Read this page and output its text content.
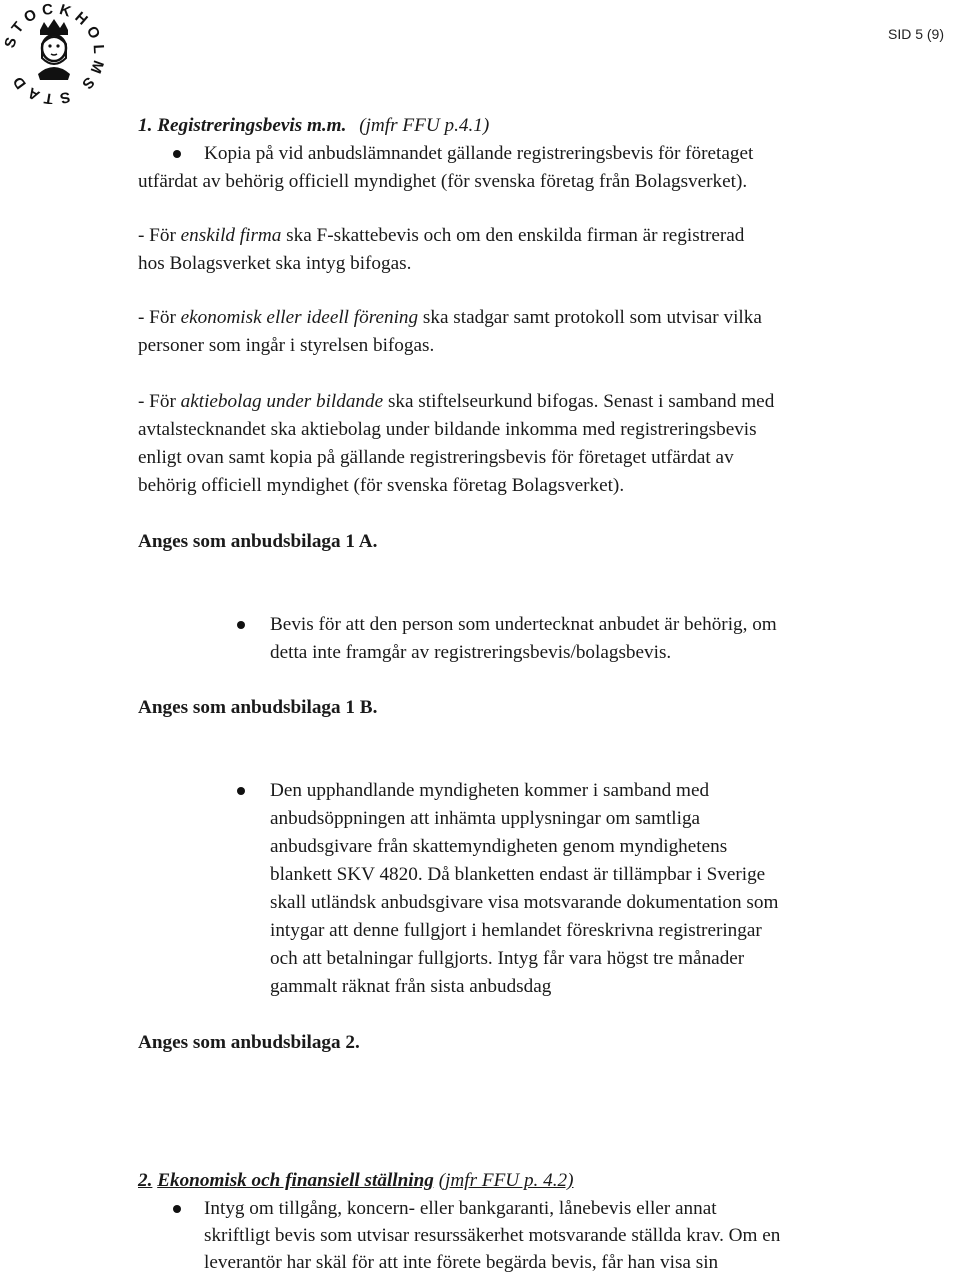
STOCKHOLMS STAD
SID 5 (9)
1. Registreringsbevis m.m. (jmfr FFU p.4.1)
Kopia på vid anbudslämnandet gällande registreringsbevis för företaget
utfärdat av behörig officiell myndighet (för svenska företag från Bolagsverket).
- För enskild firma ska F-skattebevis och om den enskilda firman är registrerad
hos Bolagsverket ska intyg bifogas.
- För ekonomisk eller ideell förening ska stadgar samt protokoll som utvisar vilka
personer som ingår i styrelsen bifogas.
- För aktiebolag under bildande ska stiftelseurkund bifogas. Senast i samband med
avtalstecknandet ska aktiebolag under bildande inkomma med registreringsbevis
enligt ovan samt kopia på gällande registreringsbevis för företaget utfärdat av
behörig officiell myndighet (för svenska företag Bolagsverket).
Anges som anbudsbilaga 1 A.
Bevis för att den person som undertecknat anbudet är behörig, om
detta inte framgår av registreringsbevis/bolagsbevis.
Anges som anbudsbilaga 1 B.
Den upphandlande myndigheten kommer i samband med
anbudsöppningen att inhämta upplysningar om samtliga
anbudsgivare från skattemyndigheten genom myndighetens
blankett SKV 4820. Då blanketten endast är tillämpbar i Sverige
skall utländsk anbudsgivare visa motsvarande dokumentation som
intygar att denne fullgjort i hemlandet föreskrivna registreringar
och att betalningar fullgjorts. Intyg får vara högst tre månader
gammalt räknat från sista anbudsdag
Anges som anbudsbilaga 2.
2. Ekonomisk och finansiell ställning (jmfr FFU p. 4.2)
Intyg om tillgång, koncern- eller bankgaranti, lånebevis eller annat
skriftligt bevis som utvisar resurssäkerhet motsvarande ställda krav. Om en
leverantör har skäl för att inte förete begärda bevis, får han visa sin
